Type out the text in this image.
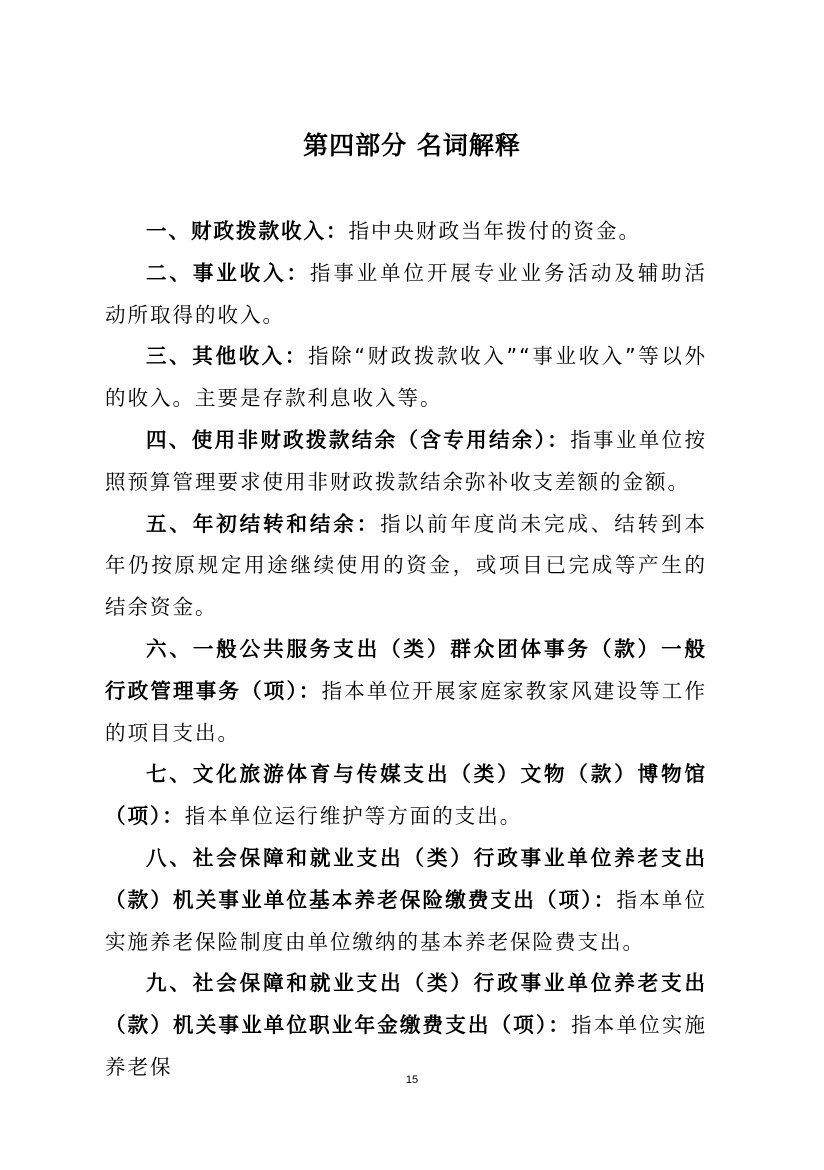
第四部分 名词解释

一、财政拨款收入：指中央财政当年拨付的资金。

二、事业收入：指事业单位开展专业业务活动及辅助活动所取得的收入。

三、其他收入：指除“财政拨款收入”“事业收入”等以外的收入。主要是存款利息收入等。

四、使用非财政拨款结余（含专用结余）：指事业单位按照预算管理要求使用非财政拨款结余弥补收支差额的金额。

五、年初结转和结余：指以前年度尚未完成、结转到本年仍按原规定用途继续使用的资金，或项目已完成等产生的结余资金。

六、一般公共服务支出（类）群众团体事务（款）一般行政管理事务（项）：指本单位开展家庭家教家风建设等工作的项目支出。

七、文化旅游体育与传媒支出（类）文物（款）博物馆（项）：指本单位运行维护等方面的支出。

八、社会保障和就业支出（类）行政事业单位养老支出（款）机关事业单位基本养老保险缴费支出（项）：指本单位实施养老保险制度由单位缴纳的基本养老保险费支出。

九、社会保障和就业支出（类）行政事业单位养老支出（款）机关事业单位职业年金缴费支出（项）：指本单位实施养老保

15
